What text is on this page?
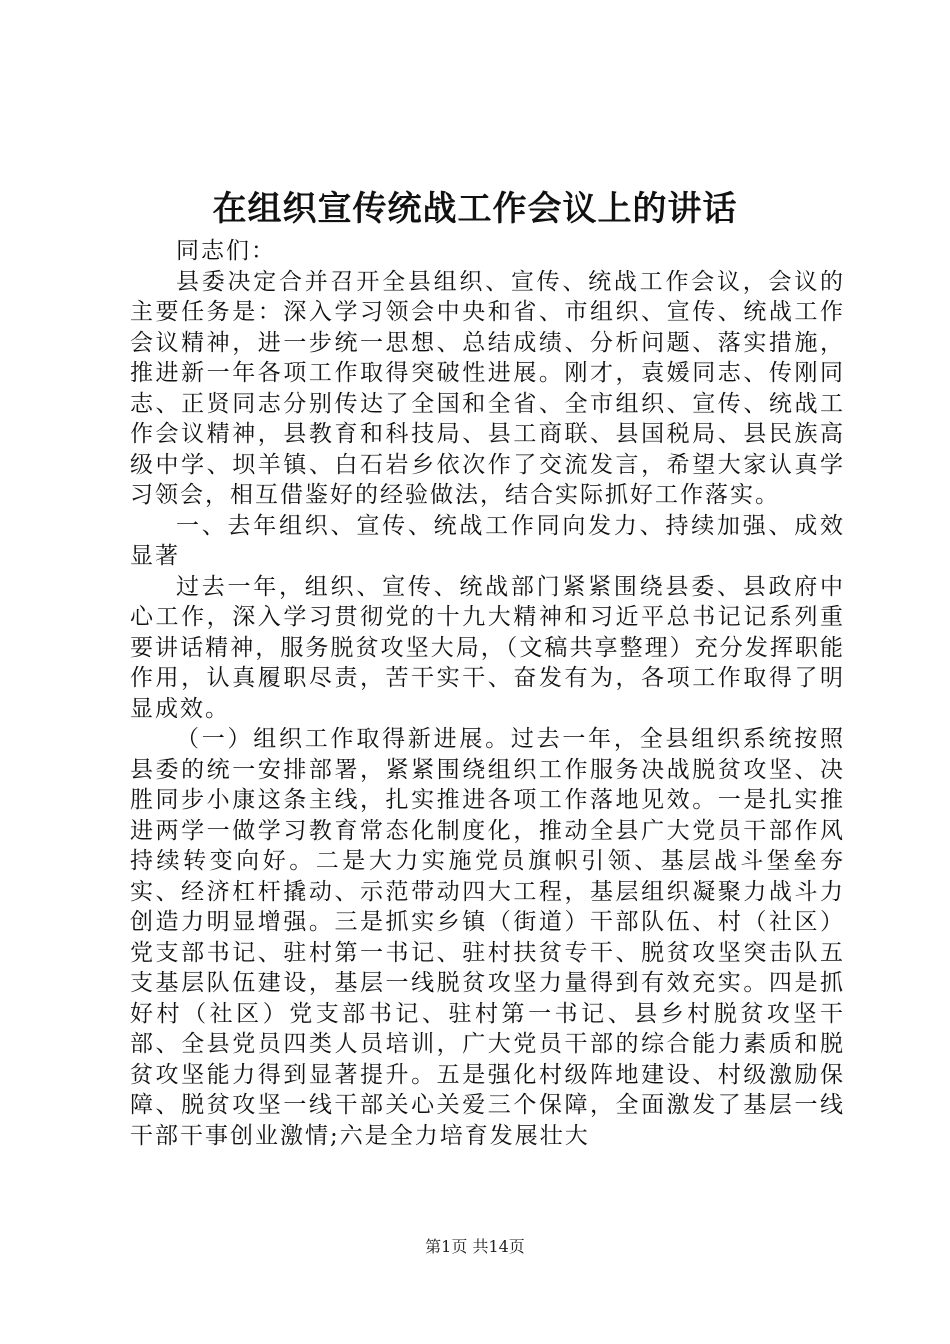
在组织宣传统战工作会议上的讲话

同志们：

县委决定合并召开全县组织、宣传、统战工作会议，会议的主要任务是：深入学习领会中央和省、市组织、宣传、统战工作会议精神，进一步统一思想、总结成绩、分析问题、落实措施，推进新一年各项工作取得突破性进展。刚才，袁媛同志、传刚同志、正贤同志分别传达了全国和全省、全市组织、宣传、统战工作会议精神，县教育和科技局、县工商联、县国税局、县民族高级中学、坝羊镇、白石岩乡依次作了交流发言，希望大家认真学习领会，相互借鉴好的经验做法，结合实际抓好工作落实。

一、去年组织、宣传、统战工作同向发力、持续加强、成效显著

过去一年，组织、宣传、统战部门紧紧围绕县委、县政府中心工作，深入学习贯彻党的十九大精神和习近平总书记记系列重要讲话精神，服务脱贫攻坚大局，（文稿共享整理）充分发挥职能作用，认真履职尽责，苦干实干、奋发有为，各项工作取得了明显成效。

（一）组织工作取得新进展。过去一年，全县组织系统按照县委的统一安排部署，紧紧围绕组织工作服务决战脱贫攻坚、决胜同步小康这条主线，扎实推进各项工作落地见效。一是扎实推进两学一做学习教育常态化制度化，推动全县广大党员干部作风持续转变向好。二是大力实施党员旗帜引领、基层战斗堡垒夯实、经济杠杆撬动、示范带动四大工程，基层组织凝聚力战斗力创造力明显增强。三是抓实乡镇（街道）干部队伍、村（社区）党支部书记、驻村第一书记、驻村扶贫专干、脱贫攻坚突击队五支基层队伍建设，基层一线脱贫攻坚力量得到有效充实。四是抓好村（社区）党支部书记、驻村第一书记、县乡村脱贫攻坚干部、全县党员四类人员培训，广大党员干部的综合能力素质和脱贫攻坚能力得到显著提升。五是强化村级阵地建设、村级激励保障、脱贫攻坚一线干部关心关爱三个保障，全面激发了基层一线干部干事创业激情;六是全力培育发展壮大

第1页 共14页
